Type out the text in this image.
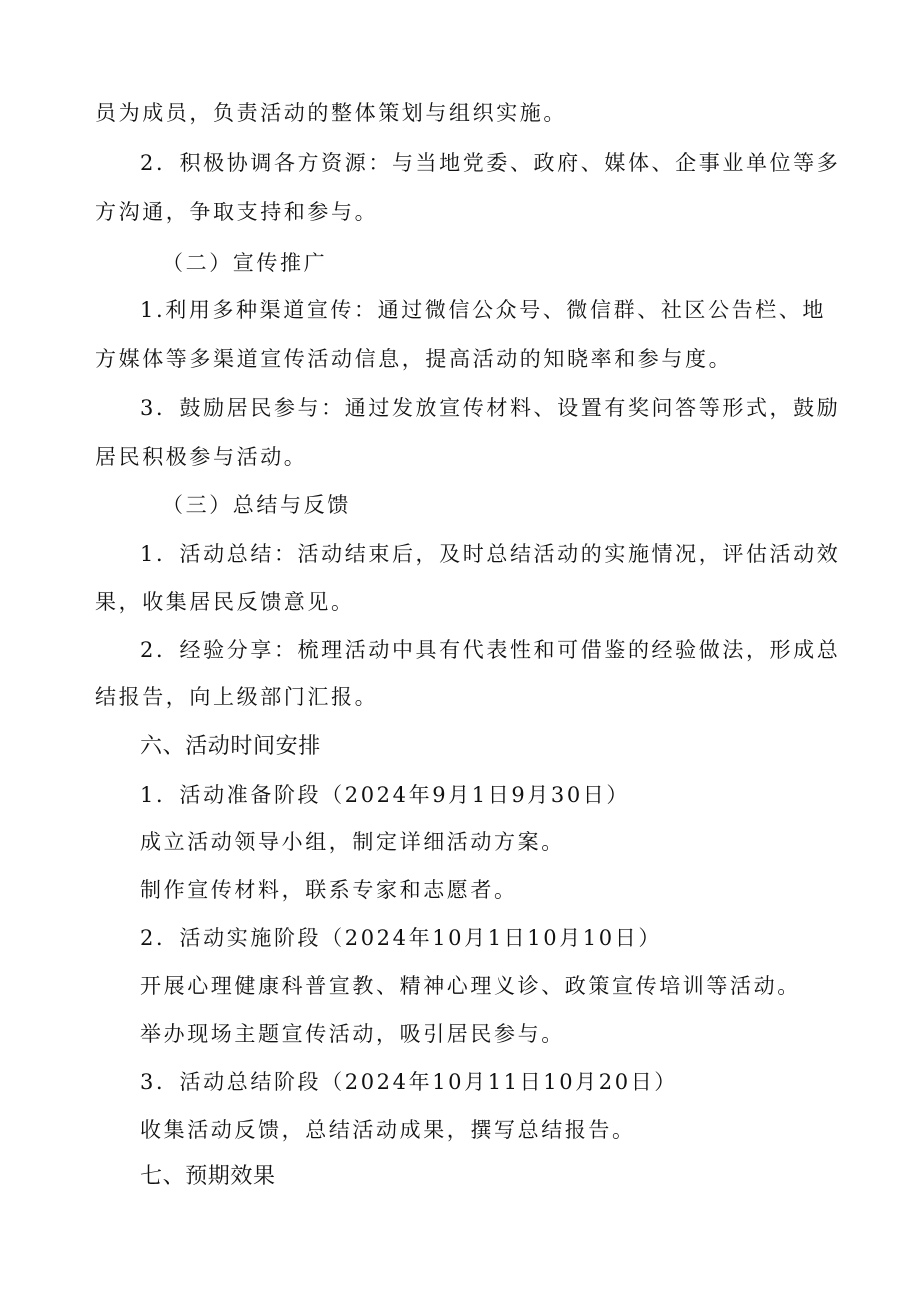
员为成员，负责活动的整体策划与组织实施。

2．积极协调各方资源：与当地党委、政府、媒体、企事业单位等多

方沟通，争取支持和参与。

（二）宣传推广

1.利用多种渠道宣传：通过微信公众号、微信群、社区公告栏、地

方媒体等多渠道宣传活动信息，提高活动的知晓率和参与度。

3．鼓励居民参与：通过发放宣传材料、设置有奖问答等形式，鼓励

居民积极参与活动。

（三）总结与反馈

1．活动总结：活动结束后，及时总结活动的实施情况，评估活动效

果，收集居民反馈意见。

2．经验分享：梳理活动中具有代表性和可借鉴的经验做法，形成总

结报告，向上级部门汇报。

六、活动时间安排

1．活动准备阶段（2024年9月1日9月30日）

成立活动领导小组，制定详细活动方案。

制作宣传材料，联系专家和志愿者。

2．活动实施阶段（2024年10月1日10月10日）

开展心理健康科普宣教、精神心理义诊、政策宣传培训等活动。

举办现场主题宣传活动，吸引居民参与。

3．活动总结阶段（2024年10月11日10月20日）

收集活动反馈，总结活动成果，撰写总结报告。

七、预期效果
